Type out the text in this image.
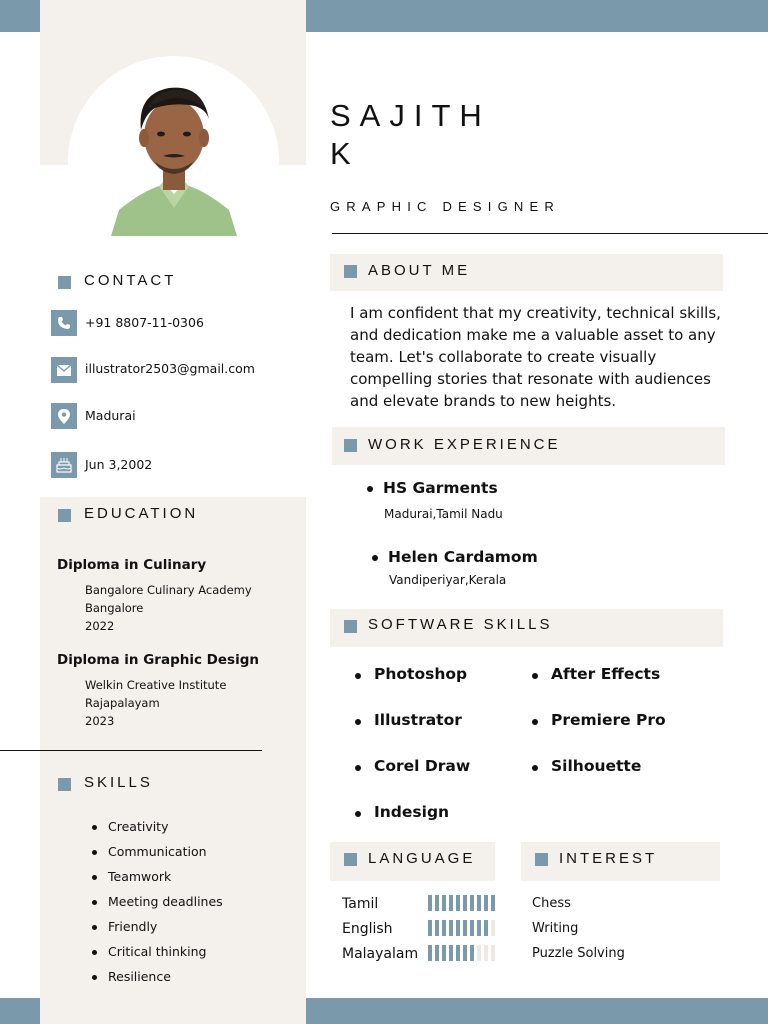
SAJITH
K
GRAPHIC DESIGNER
CONTACT
+91 8807-11-0306
illustrator2503@gmail.com
Madurai
Jun 3,2002
EDUCATION
Diploma in Culinary
Bangalore Culinary Academy
Bangalore
2022
Diploma in Graphic Design
Welkin Creative Institute
Rajapalayam
2023
SKILLS
Creativity
Communication
Teamwork
Meeting deadlines
Friendly
Critical thinking
Resilience
ABOUT ME
I am confident that my creativity, technical skills, and dedication make me a valuable asset to any team. Let's collaborate to create visually compelling stories that resonate with audiences and elevate brands to new heights.
WORK EXPERIENCE
HS Garments
Madurai,Tamil Nadu
Helen Cardamom
Vandiperiyar,Kerala
SOFTWARE SKILLS
Photoshop
Illustrator
Corel Draw
Indesign
After Effects
Premiere Pro
Silhouette
LANGUAGE
Tamil
English
Malayalam
INTEREST
Chess
Writing
Puzzle Solving
